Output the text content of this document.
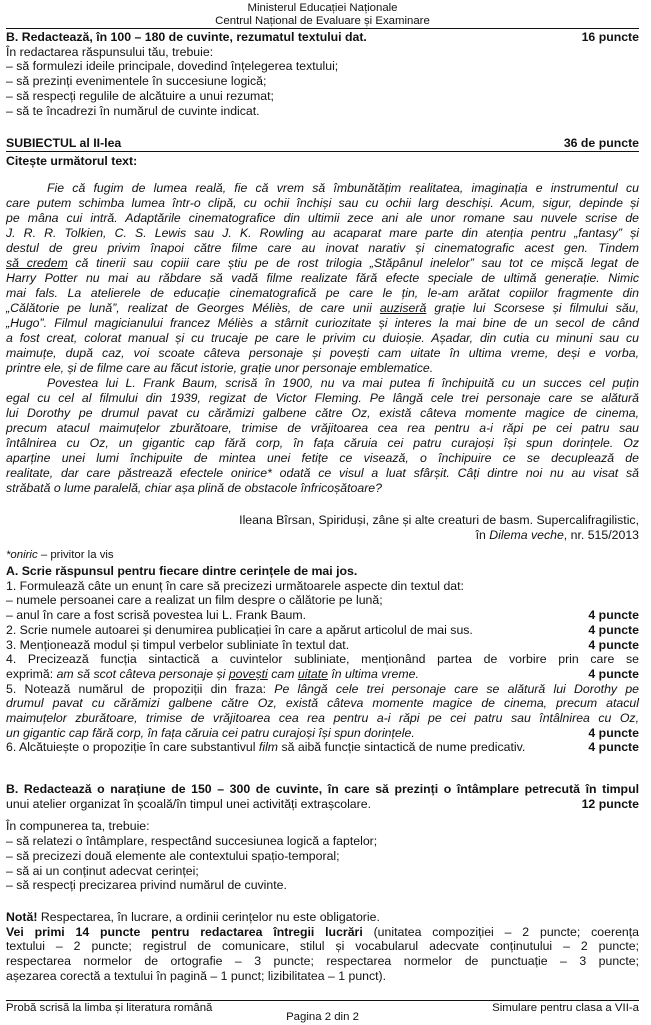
Ministerul Educației Naționale
Centrul Național de Evaluare și Examinare
B. Redactează, în 100 – 180 de cuvinte, rezumatul textului dat.	16 puncte
În redactarea răspunsului tău, trebuie:
– să formulezi ideile principale, dovedind înțelegerea textului;
– să prezinți evenimentele în succesiune logică;
– să respecți regulile de alcătuire a unui rezumat;
– să te încadrezi în numărul de cuvinte indicat.
SUBIECTUL al II-lea	36 de puncte
Citește următorul text:
Fie că fugim de lumea reală, fie că vrem să îmbunătățim realitatea, imaginația e instrumentul cu
care putem schimba lumea într-o clipă, cu ochii închiși sau cu ochii larg deschiși. Acum, sigur, depinde și
pe mâna cui intră. Adaptările cinematografice din ultimii zece ani ale unor romane sau nuvele scrise de
J. R. R. Tolkien, C. S. Lewis sau J. K. Rowling au acaparat mare parte din atenția pentru „fantasy” și
destul de greu privim înapoi către filme care au inovat narativ și cinematografic acest gen. Tindem
să credem că tinerii sau copiii care știu pe de rost trilogia „Stăpânul inelelor” sau tot ce mișcă legat de
Harry Potter nu mai au răbdare să vadă filme realizate fără efecte speciale de ultimă generație. Nimic
mai fals. La atelierele de educație cinematografică pe care le țin, le-am arătat copiilor fragmente din
„Călătorie pe lună”, realizat de Georges Méliès, de care unii auziseră grație lui Scorsese și filmului său,
„Hugo”. Filmul magicianului francez Méliès a stârnit curiozitate și interes la mai bine de un secol de când
a fost creat, colorat manual și cu trucaje pe care le privim cu duioșie. Așadar, din cutia cu minuni sau cu
maimuțe, după caz, voi scoate câteva personaje și povești cam uitate în ultima vreme, deși e vorba,
printre ele, și de filme care au făcut istorie, grație unor personaje emblematice.
Povestea lui L. Frank Baum, scrisă în 1900, nu va mai putea fi închipuită cu un succes cel puțin
egal cu cel al filmului din 1939, regizat de Victor Fleming. Pe lângă cele trei personaje care se alătură
lui Dorothy pe drumul pavat cu cărămizi galbene către Oz, există câteva momente magice de cinema,
precum atacul maimuțelor zburătoare, trimise de vrăjitoarea cea rea pentru a-i răpi pe cei patru sau
întâlnirea cu Oz, un gigantic cap fără corp, în fața căruia cei patru curajoși își spun dorințele. Oz
aparține unei lumi închipuite de mintea unei fetițe ce visează, o închipuire ce se decuplează de
realitate, dar care păstrează efectele onirice* odată ce visul a luat sfârșit. Câți dintre noi nu au visat să
străbată o lume paralelă, chiar așa plină de obstacole înfricoșătoare?
Ileana Bîrsan, Spiriduși, zâne și alte creaturi de basm. Supercalifragilistic,
în Dilema veche, nr. 515/2013
*oniric – privitor la vis
A. Scrie răspunsul pentru fiecare dintre cerințele de mai jos.
1. Formulează câte un enunț în care să precizezi următoarele aspecte din textul dat:
– numele persoanei care a realizat un film despre o călătorie pe lună;
– anul în care a fost scrisă povestea lui L. Frank Baum.	4 puncte
2. Scrie numele autoarei și denumirea publicației în care a apărut articolul de mai sus.	4 puncte
3. Menționează modul și timpul verbelor subliniate în textul dat.	4 puncte
4. Precizează funcția sintactică a cuvintelor subliniate, menționând partea de vorbire prin care se
exprimă: am să scot câteva personaje și povești cam uitate în ultima vreme.	4 puncte
5. Notează numărul de propoziții din fraza: Pe lângă cele trei personaje care se alătură lui Dorothy pe
drumul pavat cu cărămizi galbene către Oz, există câteva momente magice de cinema, precum atacul
maimuțelor zburătoare, trimise de vrăjitoarea cea rea pentru a-i răpi pe cei patru sau întâlnirea cu Oz,
un gigantic cap fără corp, în fața căruia cei patru curajoși își spun dorințele.	4 puncte
6. Alcătuiește o propoziție în care substantivul film să aibă funcție sintactică de nume predicativ.	4 puncte
B. Redactează o narațiune de 150 – 300 de cuvinte, în care să prezinți o întâmplare petrecută în timpul
unui atelier organizat în școală/în timpul unei activități extrașcolare.	12 puncte
În compunerea ta, trebuie:
– să relatezi o întâmplare, respectând succesiunea logică a faptelor;
– să precizezi două elemente ale contextului spațio-temporal;
– să ai un conținut adecvat cerinței;
– să respecți precizarea privind numărul de cuvinte.
Notă! Respectarea, în lucrare, a ordinii cerințelor nu este obligatorie.
Vei primi 14 puncte pentru redactarea întregii lucrări (unitatea compoziției – 2 puncte; coerența
textului – 2 puncte; registrul de comunicare, stilul și vocabularul adecvate conținutului – 2 puncte;
respectarea normelor de ortografie – 3 puncte; respectarea normelor de punctuație – 3 puncte;
așezarea corectă a textului în pagină – 1 punct; lizibilitatea – 1 punct).
Probă scrisă la limba și literatura română	Simulare pentru clasa a VII-a
Pagina 2 din 2
